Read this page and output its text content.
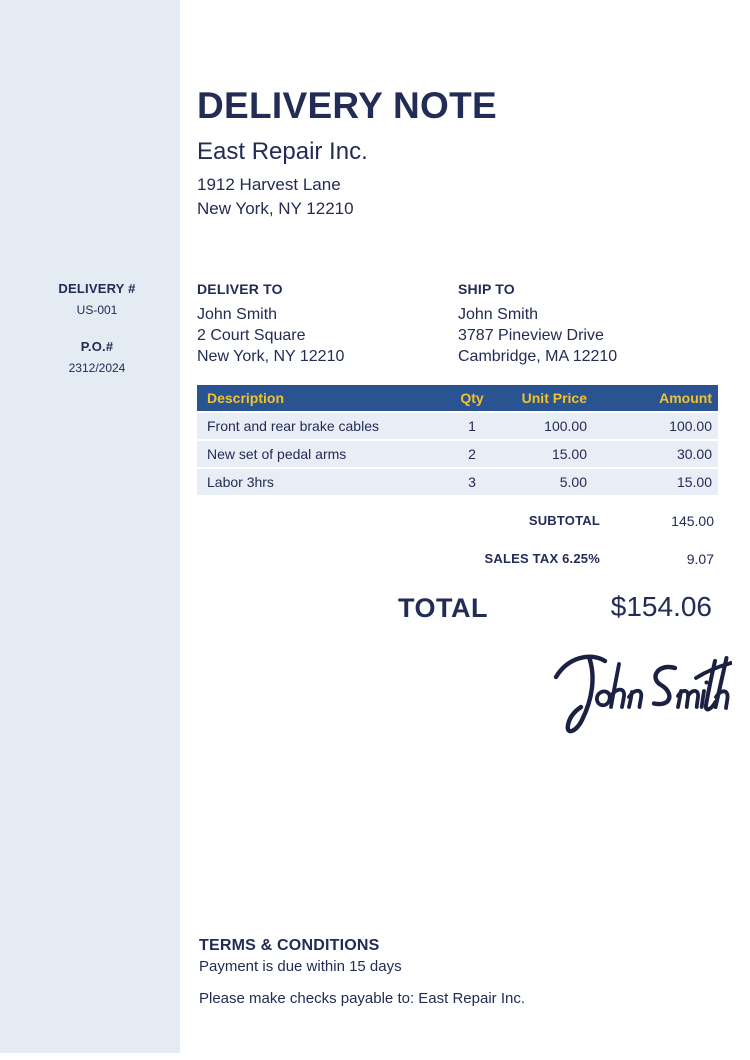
DELIVERY #
US-001
P.O.#
2312/2024
DELIVERY NOTE
East Repair Inc.
1912 Harvest Lane
New York, NY 12210
DELIVER TO
John Smith
2 Court Square
New York, NY 12210
SHIP TO
John Smith
3787 Pineview Drive
Cambridge, MA 12210
Description	Qty	Unit Price	Amount
Front and rear brake cables	1	100.00	100.00
New set of pedal arms	2	15.00	30.00
Labor 3hrs	3	5.00	15.00
SUBTOTAL	145.00
SALES TAX 6.25%	9.07
TOTAL	$154.06
TERMS & CONDITIONS
Payment is due within 15 days
Please make checks payable to: East Repair Inc.
